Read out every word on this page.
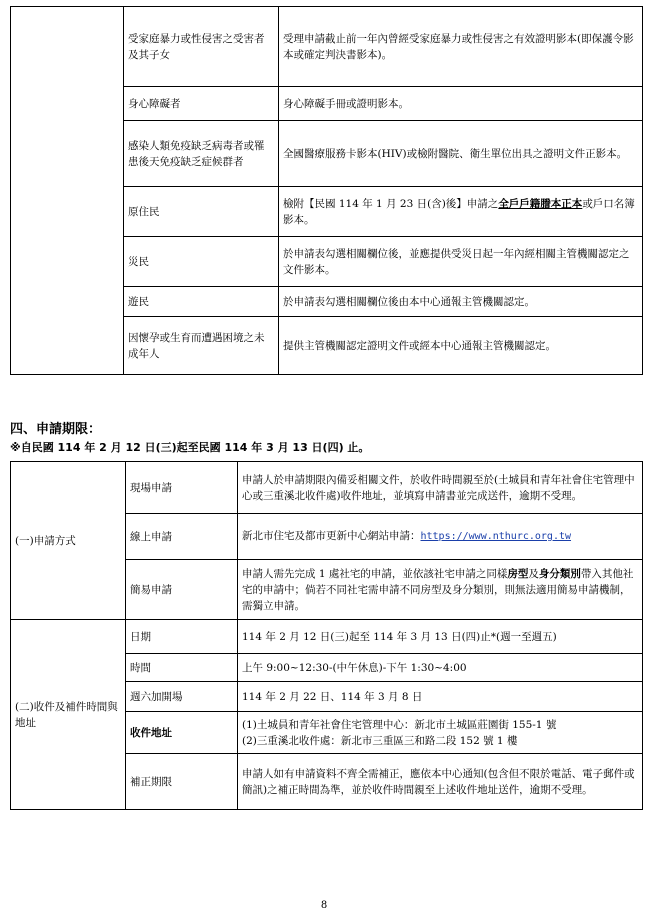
	受家庭暴力或性侵害之受害者及其子女	受理申請截止前一年內曾經受家庭暴力或性侵害之有效證明影本(即保護令影本或確定判決書影本)。
	身心障礙者	身心障礙手冊或證明影本。
	感染人類免疫缺乏病毒者或罹患後天免疫缺乏症候群者	全國醫療服務卡影本(HIV)或檢附醫院、衛生單位出具之證明文件正影本。
	原住民	檢附【民國 114 年 1 月 23 日(含)後】申請之全戶戶籍謄本正本或戶口名簿影本。
	災民	於申請表勾選相關欄位後，並應提供受災日起一年內經相關主管機關認定之文件影本。
	遊民	於申請表勾選相關欄位後由本中心通報主管機關認定。
	因懷孕或生育而遭遇困境之未成年人	提供主管機關認定證明文件或經本中心通報主管機關認定。
四、申請期限：

※自民國 114 年 2 月 12 日(三)起至民國 114 年 3 月 13 日(四) 止。

(一)申請方式	現場申請	申請人於申請期限內備妥相關文件，於收件時間親至於(土城員和青年社會住宅管理中心或三重溪北收件處)收件地址，並填寫申請書並完成送件，逾期不受理。
	線上申請	新北市住宅及都市更新中心網站申請：https://www.nthurc.org.tw
	簡易申請	申請人需先完成 1 處社宅的申請，並依該社宅申請之同樣房型及身分類別帶入其他社宅的申請中；倘若不同社宅需申請不同房型及身分類別，則無法適用簡易申請機制，需獨立申請。
(二)收件及補件時間與地址	日期	114 年 2 月 12 日(三)起至 114 年 3 月 13 日(四)止*(週一至週五)
	時間	上午 9:00~12:30-(中午休息)-下午 1:30~4:00
	週六加開場	114 年 2 月 22 日、114 年 3 月 8 日
	收件地址	(1)土城員和青年社會住宅管理中心：新北市土城區莊園街 155-1 號
(2)三重溪北收件處：新北市三重區三和路二段 152 號 1 樓

	補正期限	申請人如有申請資料不齊全需補正，應依本中心通知(包含但不限於電話、電子郵件或簡訊)之補正時間為準，並於收件時間親至上述收件地址送件，逾期不受理。
8
